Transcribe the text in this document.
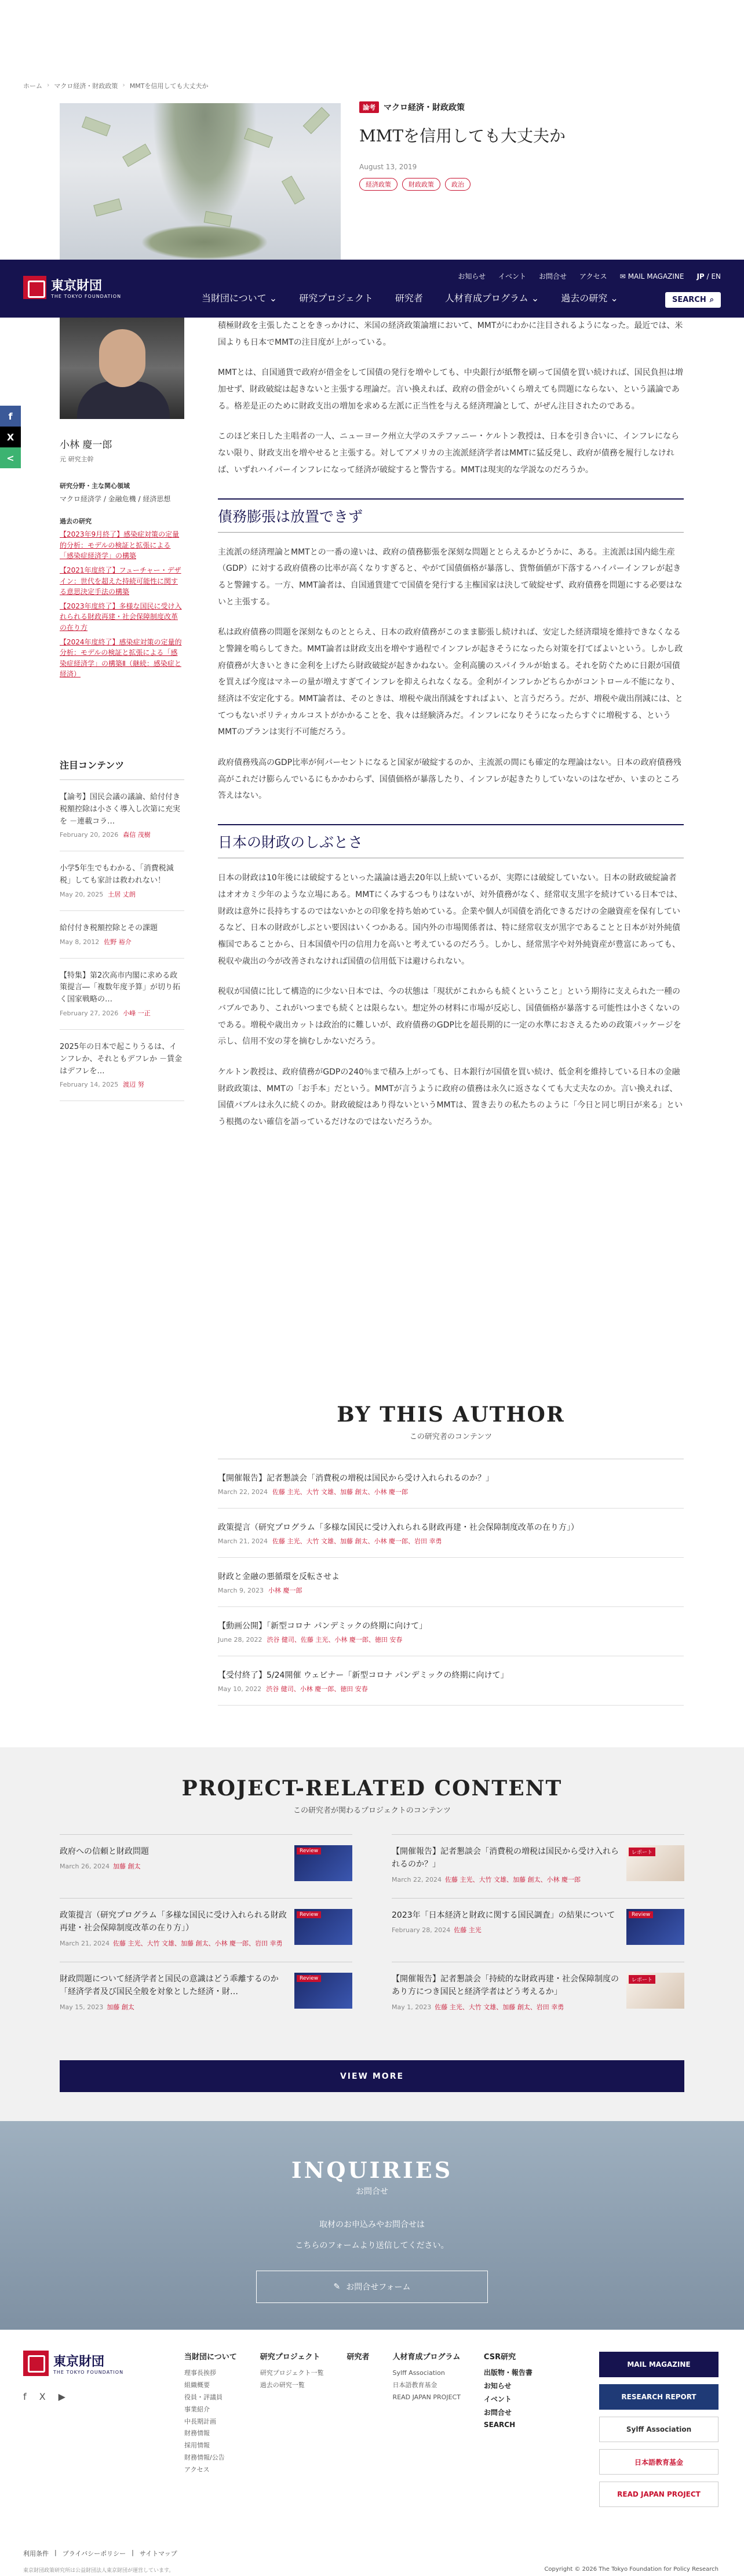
ホーム › マクロ経済・財政政策 › MMTを信用しても大丈夫か
論考	マクロ経済・財政政策
MMTを信用しても大丈夫か
August 13, 2019
経済政策	財政政策	政治
東京財団
THE TOKYO FOUNDATION
お知らせ イベント お問合せ アクセス ✉ MAIL MAGAZINE JP / EN
当財団について ⌄ 研究プロジェクト 研究者 人材育成プログラム ⌄ 過去の研究 ⌄	SEARCH ⌕
f
X
<
小林 慶一郎
元 研究主幹
研究分野・主な関心領域
マクロ経済学 / 金融危機 / 経済思想
過去の研究
【2023年9月終了】感染症対策の定量的分析：モデルの検証と拡張による「感染症経済学」の構築
【2021年度終了】フューチャー・デザイン：世代を超えた持続可能性に関する意思決定手法の構築
【2023年度終了】多様な国民に受け入れられる財政再建・社会保障制度改革の在り方
【2024年度終了】感染症対策の定量的分析：モデルの検証と拡張による「感染症経済学」の構築Ⅱ（継続：感染症と経済）
注目コンテンツ
【論考】国民会議の議論、給付付き税額控除は小さく導入し次第に充実を －連載コラ…
February 20, 2026 森信 茂樹
小学5年生でもわかる、「消費税減税」しても家計は救われない！
May 20, 2025 土居 丈朗
給付付き税額控除とその課題
May 8, 2012 佐野 裕介
【特集】第2次高市内閣に求める政策提言―「複数年度予算」が切り拓く国家戦略の…
February 27, 2026 小峰 一正
2025年の日本で起こりうるは、インフレか、それともデフレか －賃金はデフレを…
February 14, 2025 渡辺 努

積極財政を主張したことをきっかけに、米国の経済政策論壇において、MMTがにわかに注目されるようになった。最近では、米国よりも日本でMMTの注目度が上がっている。

MMTとは、自国通貨で政府が借金をして国債の発行を増やしても、中央銀行が紙幣を刷って国債を買い続ければ、国民負担は増加せず、財政破綻は起きないと主張する理論だ。言い換えれば、政府の借金がいくら増えても問題にならない、という議論である。格差是正のために財政支出の増加を求める左派に正当性を与える経済理論として、がぜん注目されたのである。

このほど来日した主唱者の一人、ニューヨーク州立大学のステファニー・ケルトン教授は、日本を引き合いに、インフレにならない限り、財政支出を増やせると主張する。対してアメリカの主流派経済学者はMMTに猛反発し、政府が債務を履行しなければ、いずれハイパーインフレになって経済が破綻すると警告する。MMTは現実的な学説なのだろうか。

債務膨張は放置できず

主流派の経済理論とMMTとの一番の違いは、政府の債務膨張を深刻な問題ととらえるかどうかに、ある。主流派は国内総生産（GDP）に対する政府債務の比率が高くなりすぎると、やがて国債価格が暴落し、貨幣価値が下落するハイパーインフレが起きると警鐘する。一方、MMT論者は、自国通貨建てで国債を発行する主権国家は決して破綻せず、政府債務を問題にする必要はないと主張する。

私は政府債務の問題を深刻なものととらえ、日本の政府債務がこのまま膨張し続ければ、安定した経済環境を維持できなくなると警鐘を鳴らしてきた。MMT論者は財政支出を増やす過程でインフレが起きそうになったら対策を打てばよいという。しかし政府債務が大きいときに金利を上げたら財政破綻が起きかねない。金利高騰のスパイラルが始まる。それを防ぐために日銀が国債を買えば今度はマネーの量が増えすぎてインフレを抑えられなくなる。金利がインフレかどちらかがコントロール不能になり、経済は不安定化する。MMT論者は、そのときは、増税や歳出削減をすればよい、と言うだろう。だが、増税や歳出削減には、とてつもないポリティカルコストがかかることを、我々は経験済みだ。インフレになりそうになったらすぐに増税する、というMMTのプランは実行不可能だろう。

政府債務残高のGDP比率が何パーセントになると国家が破綻するのか、主流派の間にも確定的な理論はない。日本の政府債務残高がこれだけ膨らんでいるにもかかわらず、国債価格が暴落したり、インフレが起きたりしていないのはなぜか、いまのところ答えはない。

日本の財政のしぶとさ

日本の財政は10年後には破綻するといった議論は過去20年以上続いているが、実際には破綻していない。日本の財政破綻論者はオオカミ少年のような立場にある。MMTにくみするつもりはないが、対外債務がなく、経常収支黒字を続けている日本では、財政は意外に長持ちするのではないかとの印象を持ち始めている。企業や個人が国債を消化できるだけの金融資産を保有しているなど、日本の財政がしぶとい要因はいくつかある。国内外の市場関係者は、特に経常収支が黒字であることと日本が対外純債権国であることから、日本国債や円の信用力を高いと考えているのだろう。しかし、経常黒字や対外純資産が豊富にあっても、税収や歳出の今が改善されなければ国債の信用低下は避けられない。

税収が国債に比して構造的に少ない日本では、今の状態は「現状がこれからも続くということ」という期待に支えられた一種のバブルであり、これがいつまでも続くとは限らない。想定外の材料に市場が反応し、国債価格が暴落する可能性は小さくないのである。増税や歳出カットは政治的に難しいが、政府債務のGDP比を超長期的に一定の水準におさえるための政策パッケージを示し、信用不安の芽を摘むしかないだろう。

ケルトン教授は、政府債務がGDPの240％まで積み上がっても、日本銀行が国債を買い続け、低金利を維持している日本の金融財政政策は、MMTの「お手本」だという。MMTが言うように政府の債務は永久に返さなくても大丈夫なのか。言い換えれば、国債バブルは永久に続くのか。財政破綻はあり得ないというMMTは、置き去りの私たちのように「今日と同じ明日が来る」という根拠のない確信を語っているだけなのではないだろうか。

BY THIS AUTHOR
この研究者のコンテンツ
【開催報告】記者懇談会「消費税の増税は国民から受け入れられるのか？」
March 22, 2024 佐藤 主光、大竹 文雄、加藤 創太、小林 慶一郎
政策提言（研究プログラム「多様な国民に受け入れられる財政再建・社会保障制度改革の在り方」）
March 21, 2024 佐藤 主光、大竹 文雄、加藤 創太、小林 慶一郎、岩田 幸勇
財政と金融の悪循環を反転させよ
March 9, 2023 小林 慶一郎
【動画公開】「新型コロナ パンデミックの終期に向けて」
June 28, 2022 渋谷 健司、佐藤 主光、小林 慶一郎、徳田 安春
【受付終了】5/24開催 ウェビナー「新型コロナ パンデミックの終期に向けて」
May 10, 2022 渋谷 健司、小林 慶一郎、徳田 安春
PROJECT-RELATED CONTENT
この研究者が関わるプロジェクトのコンテンツ
政府への信頼と財政問題
March 26, 2024 加藤 創太
Review	【開催報告】記者懇談会「消費税の増税は国民から受け入れられるのか？」
March 22, 2024 佐藤 主光、大竹 文雄、加藤 創太、小林 慶一郎
レポート
政策提言（研究プログラム「多様な国民に受け入れられる財政再建・社会保障制度改革の在り方」）
March 21, 2024 佐藤 主光、大竹 文雄、加藤 創太、小林 慶一郎、岩田 幸勇
Review	2023年「日本経済と財政に関する国民調査」の結果について
February 28, 2024 佐藤 主光
Review
財政問題について経済学者と国民の意識はどう乖離するのか「経済学者及び国民全般を対象とした経済・財…
May 15, 2023 加藤 創太
Review	【開催報告】記者懇談会「持続的な財政再建・社会保障制度のあり方につき国民と経済学者はどう考えるか」
May 1, 2023 佐藤 主光、大竹 文雄、加藤 創太、岩田 幸勇
レポート
VIEW MORE
INQUIRIES
お問合せ
取材のお申込みやお問合せは
こちらのフォームより送信してください。
✎ お問合せフォーム
東京財団
THE TOKYO FOUNDATION
f X ▶
当財団について
理事長挨拶
組織概要
役員・評議員
事業紹介
中長期計画
財務情報
採用情報
財務情報/公告
アクセス
研究プロジェクト
研究プロジェクト一覧
過去の研究一覧
研究者	人材育成プログラム
Sylff Association
日本語教育基金
READ JAPAN PROJECT
CSR研究
出版物・報告書
お知らせ
イベント
お問合せ
SEARCH
MAIL MAGAZINE
RESEARCH REPORT
Sylff Association
日本語教育基金
READ JAPAN PROJECT
利用条件 | プライバシーポリシー | サイトマップ
東京財団政策研究所は公益財団法人東京財団が運営しています。	Copyright © 2026 The Tokyo Foundation for Policy Research
